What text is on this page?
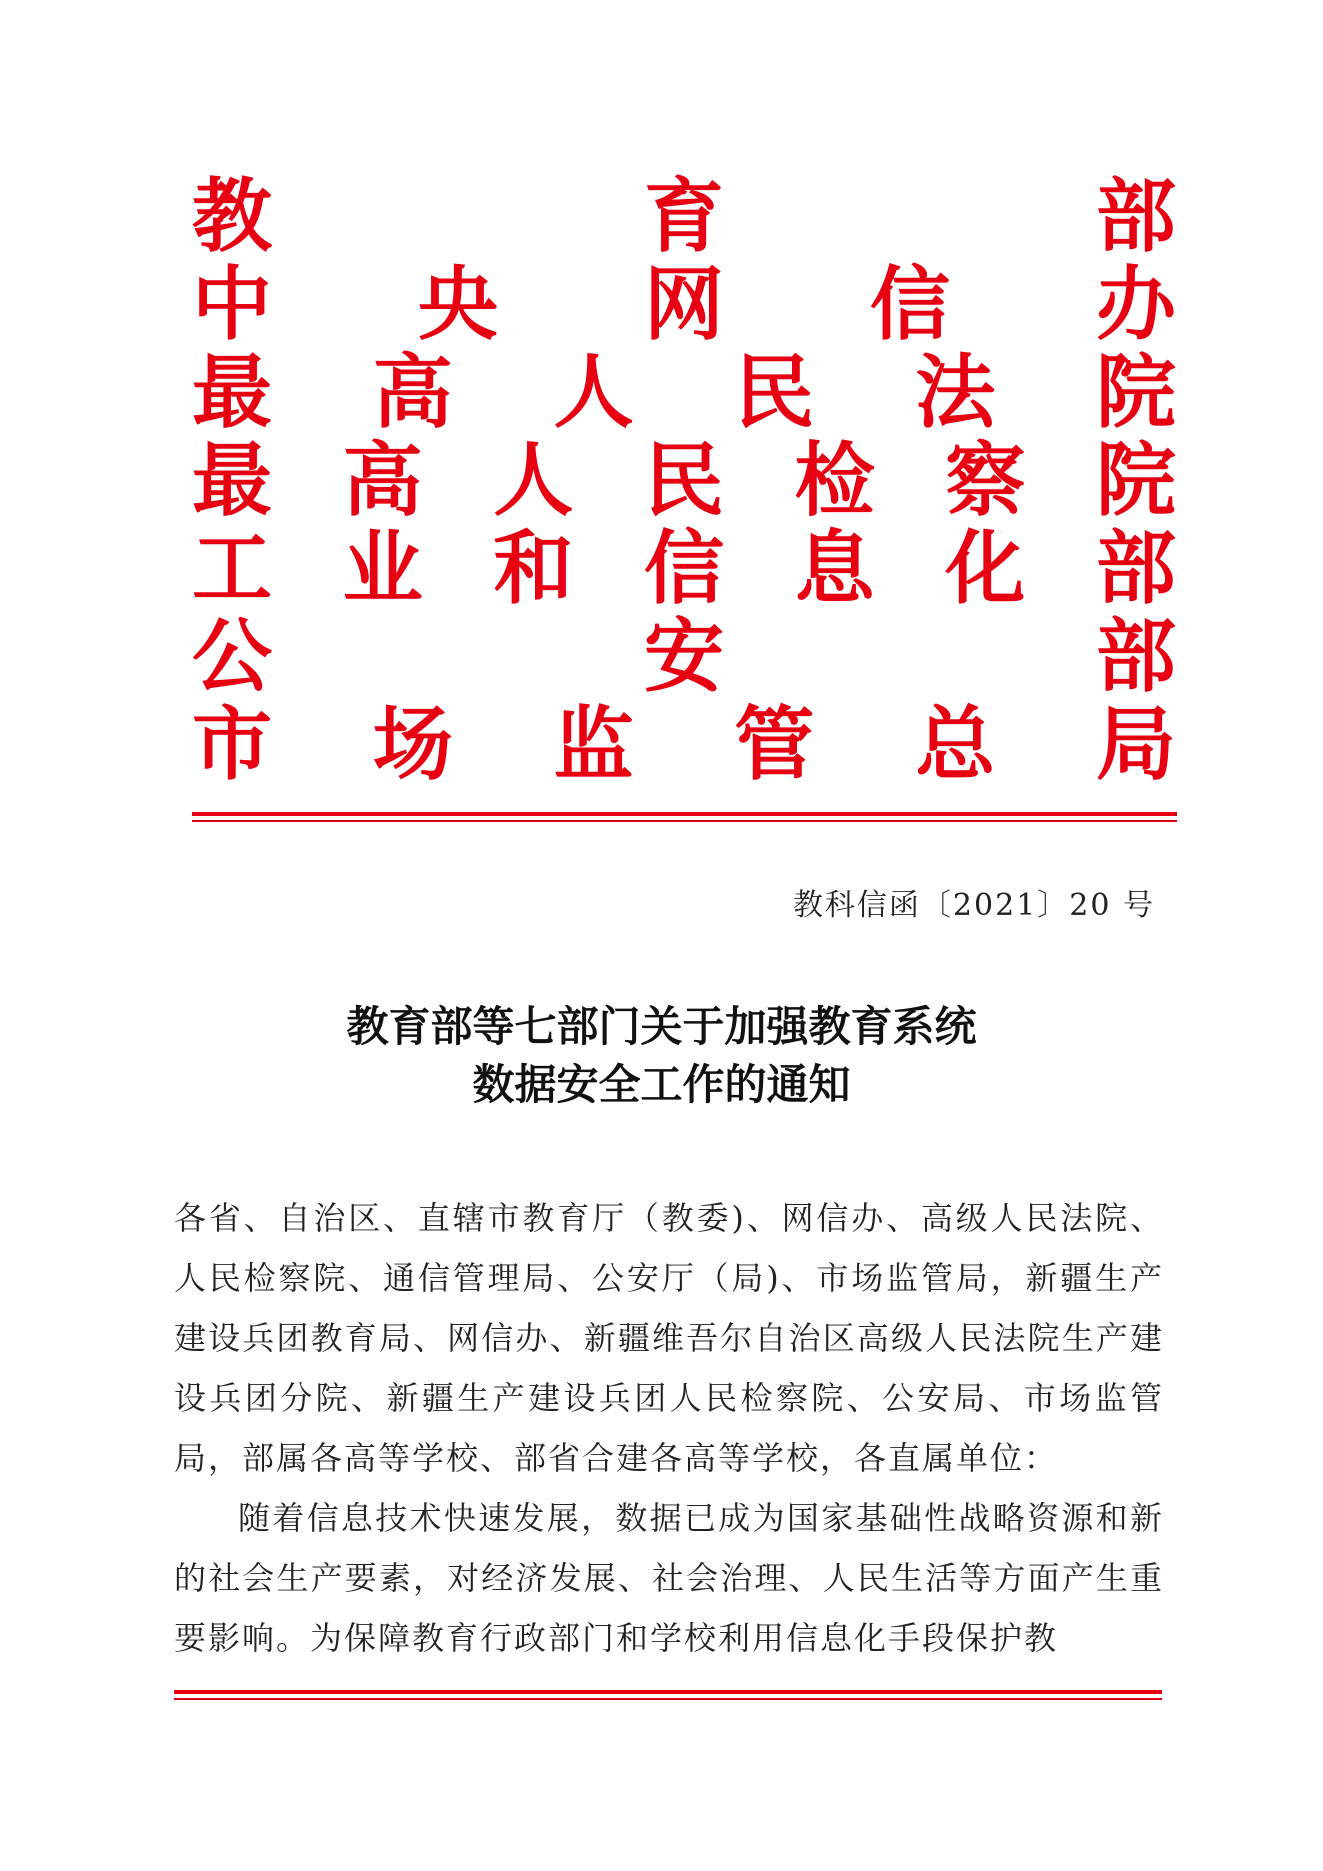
教	育	部
中 央 网 信 办
最 高 人 民 法 院
最 高 人 民 检 察 院
工 业 和 信 息 化 部
公	安	部
市 场 监 管 总 局
教科信函〔2021〕20 号
教育部等七部门关于加强教育系统
数据安全工作的通知

各省、自治区、直辖市教育厅（教委)、网信办、高级人民法院、人民检察院、通信管理局、公安厅（局)、市场监管局，新疆生产建设兵团教育局、网信办、新疆维吾尔自治区高级人民法院生产建设兵团分院、新疆生产建设兵团人民检察院、公安局、市场监管局，部属各高等学校、部省合建各高等学校，各直属单位：

随着信息技术快速发展，数据已成为国家基础性战略资源和新的社会生产要素，对经济发展、社会治理、人民生活等方面产生重要影响。为保障教育行政部门和学校利用信息化手段保护教
